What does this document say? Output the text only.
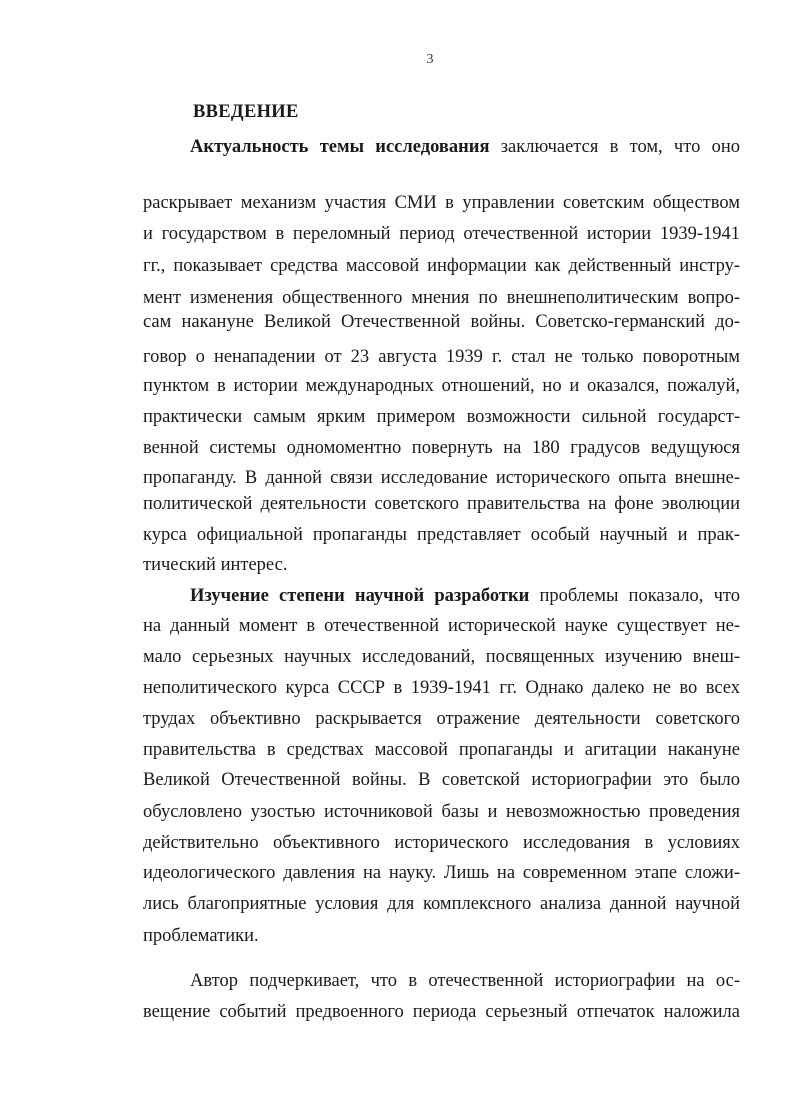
3
ВВЕДЕНИЕ
Актуальность темы исследования заключается в том, что оно
раскрывает механизм участия СМИ в управлении советским обществом
и государством в переломный период отечественной истории 1939-1941
гг., показывает средства массовой информации как действенный инстру-
мент изменения общественного мнения по внешнеполитическим вопро-
сам накануне Великой Отечественной войны. Советско-германский до-
говор о ненападении от 23 августа 1939 г. стал не только поворотным
пунктом в истории международных отношений, но и оказался, пожалуй,
практически самым ярким примером возможности сильной государст-
венной системы одномоментно повернуть на 180 градусов ведущуюся
пропаганду. В данной связи исследование исторического опыта внешне-
политической деятельности советского правительства на фоне эволюции
курса официальной пропаганды представляет особый научный и прак-
тический интерес.
Изучение степени научной разработки проблемы показало, что
на данный момент в отечественной исторической науке существует не-
мало серьезных научных исследований, посвященных изучению внеш-
неполитического курса СССР в 1939-1941 гг. Однако далеко не во всех
трудах объективно раскрывается отражение деятельности советского
правительства в средствах массовой пропаганды и агитации накануне
Великой Отечественной войны. В советской историографии это было
обусловлено узостью источниковой базы и невозможностью проведения
действительно объективного исторического исследования в условиях
идеологического давления на науку. Лишь на современном этапе сложи-
лись благоприятные условия для комплексного анализа данной научной
проблематики.
Автор подчеркивает, что в отечественной историографии на ос-
вещение событий предвоенного периода серьезный отпечаток наложила
